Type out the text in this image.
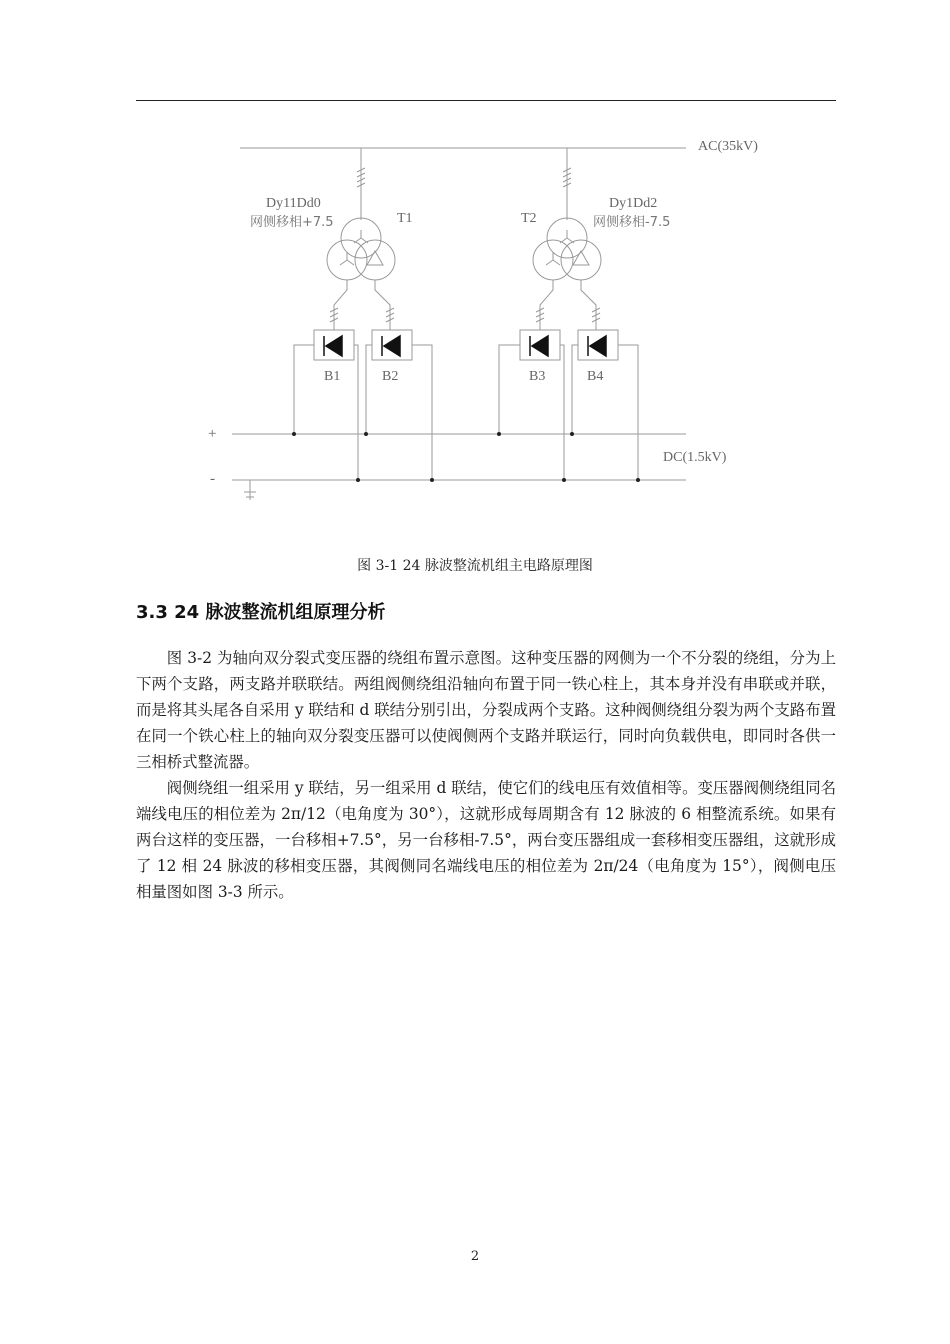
AC(35kV)
Dy11Dd0
网侧移相+7.5	T1	T2
Dy1Dd2
网侧移相-7.5
B1	B2	B3	B4
+
-
DC(1.5kV)
图 3-1 24 脉波整流机组主电路原理图
3.3 24 脉波整流机组原理分析

图 3-2 为轴向双分裂式变压器的绕组布置示意图。这种变压器的网侧为一个不分裂的绕组，分为上下两个支路，两支路并联联结。两组阀侧绕组沿轴向布置于同一铁心柱上，其本身并没有串联或并联，而是将其头尾各自采用 y 联结和 d 联结分别引出，分裂成两个支路。这种阀侧绕组分裂为两个支路布置在同一个铁心柱上的轴向双分裂变压器可以使阀侧两个支路并联运行，同时向负载供电，即同时各供一三相桥式整流器。

阀侧绕组一组采用 y 联结，另一组采用 d 联结，使它们的线电压有效值相等。变压器阀侧绕组同名端线电压的相位差为 2π/12（电角度为 30°），这就形成每周期含有 12 脉波的 6 相整流系统。如果有两台这样的变压器，一台移相+7.5°，另一台移相-7.5°，两台变压器组成一套移相变压器组，这就形成了 12 相 24 脉波的移相变压器，其阀侧同名端线电压的相位差为 2π/24（电角度为 15°），阀侧电压相量图如图 3-3 所示。

2
